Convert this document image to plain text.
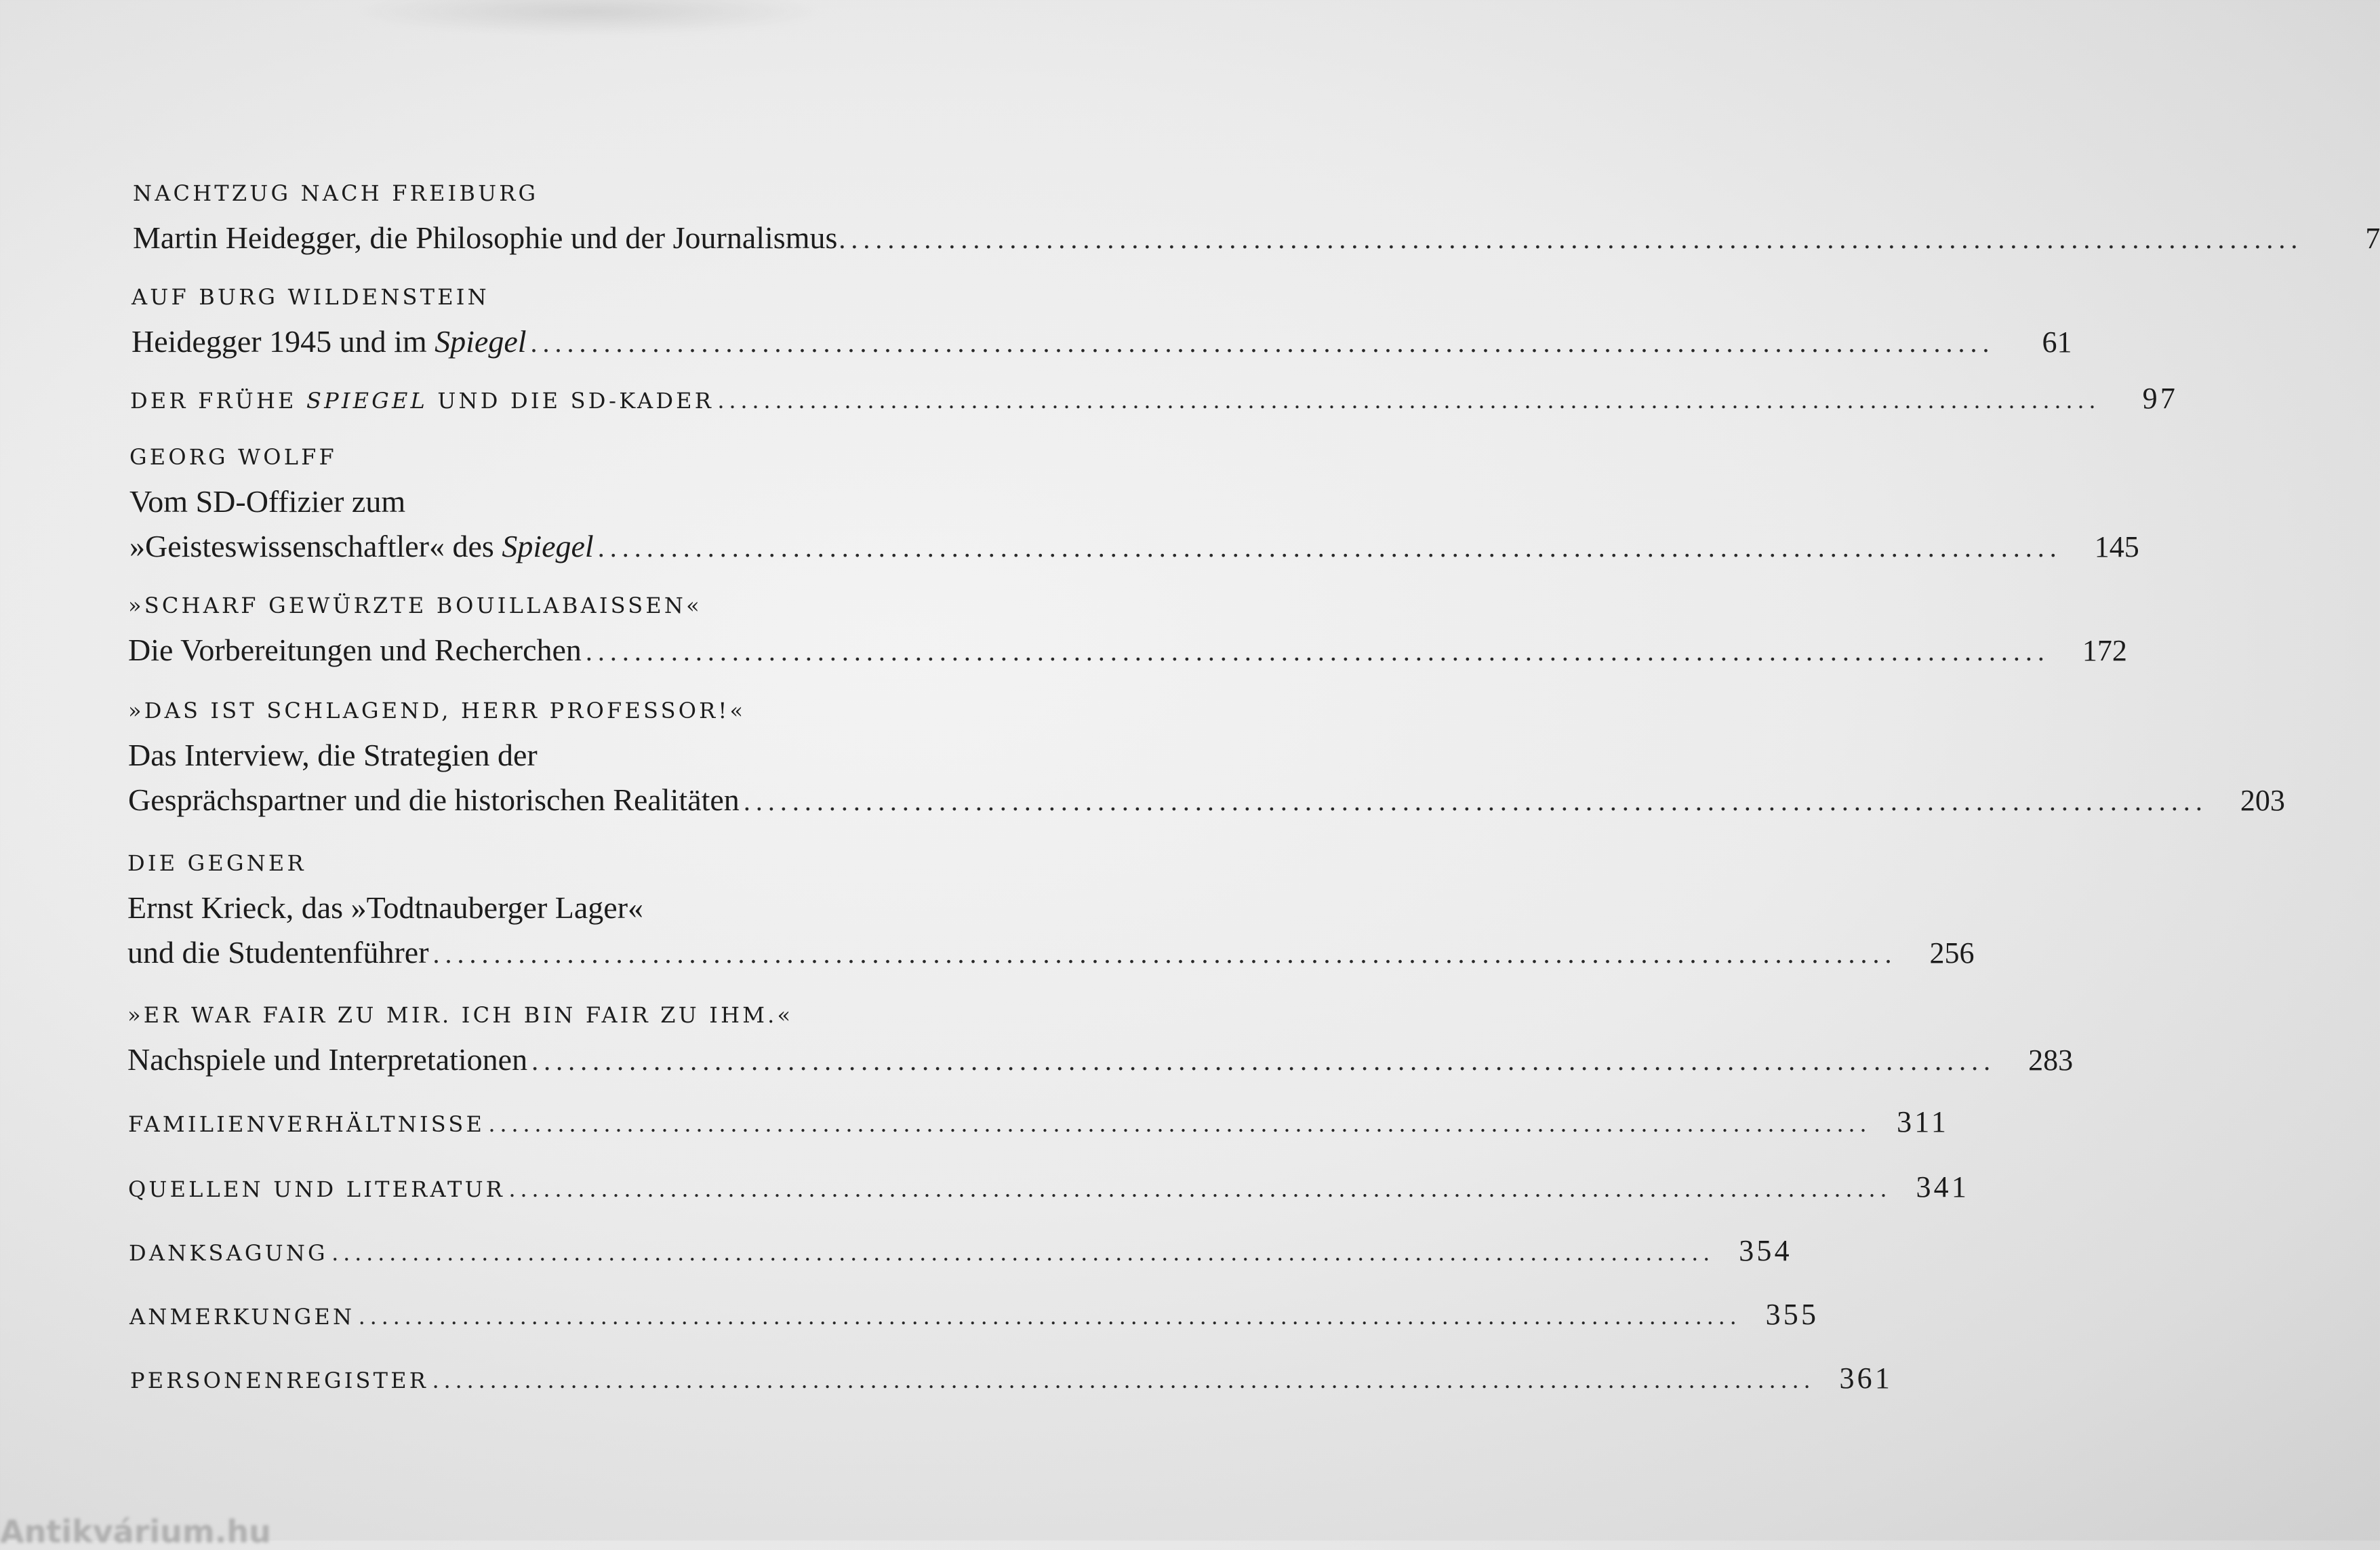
NACHTZUG NACH FREIBURG
Martin Heidegger, die Philosophie und der Journalismus ........................................................................................................................	7
AUF BURG WILDENSTEIN
Heidegger 1945 und im Spiegel ........................................................................................................................	61
DER FRÜHE SPIEGEL UND DIE SD-KADER ........................................................................................................................	97
GEORG WOLFF
Vom SD-Offizier zum
»Geisteswissenschaftler« des Spiegel ........................................................................................................................	145
»SCHARF GEWÜRZTE BOUILLABAISSEN«
Die Vorbereitungen und Recherchen ........................................................................................................................	172
»DAS IST SCHLAGEND, HERR PROFESSOR!«
Das Interview, die Strategien der
Gesprächspartner und die historischen Realitäten ........................................................................................................................	203
DIE GEGNER
Ernst Krieck, das »Todtnauberger Lager«
und die Studentenführer ........................................................................................................................	256
»ER WAR FAIR ZU MIR. ICH BIN FAIR ZU IHM.«
Nachspiele und Interpretationen ........................................................................................................................	283
FAMILIENVERHÄLTNISSE ........................................................................................................................ 311
QUELLEN UND LITERATUR ........................................................................................................................ 341
DANKSAGUNG ........................................................................................................................ 354
ANMERKUNGEN ........................................................................................................................ 355
PERSONENREGISTER ........................................................................................................................ 361
Antikvárium.hu
